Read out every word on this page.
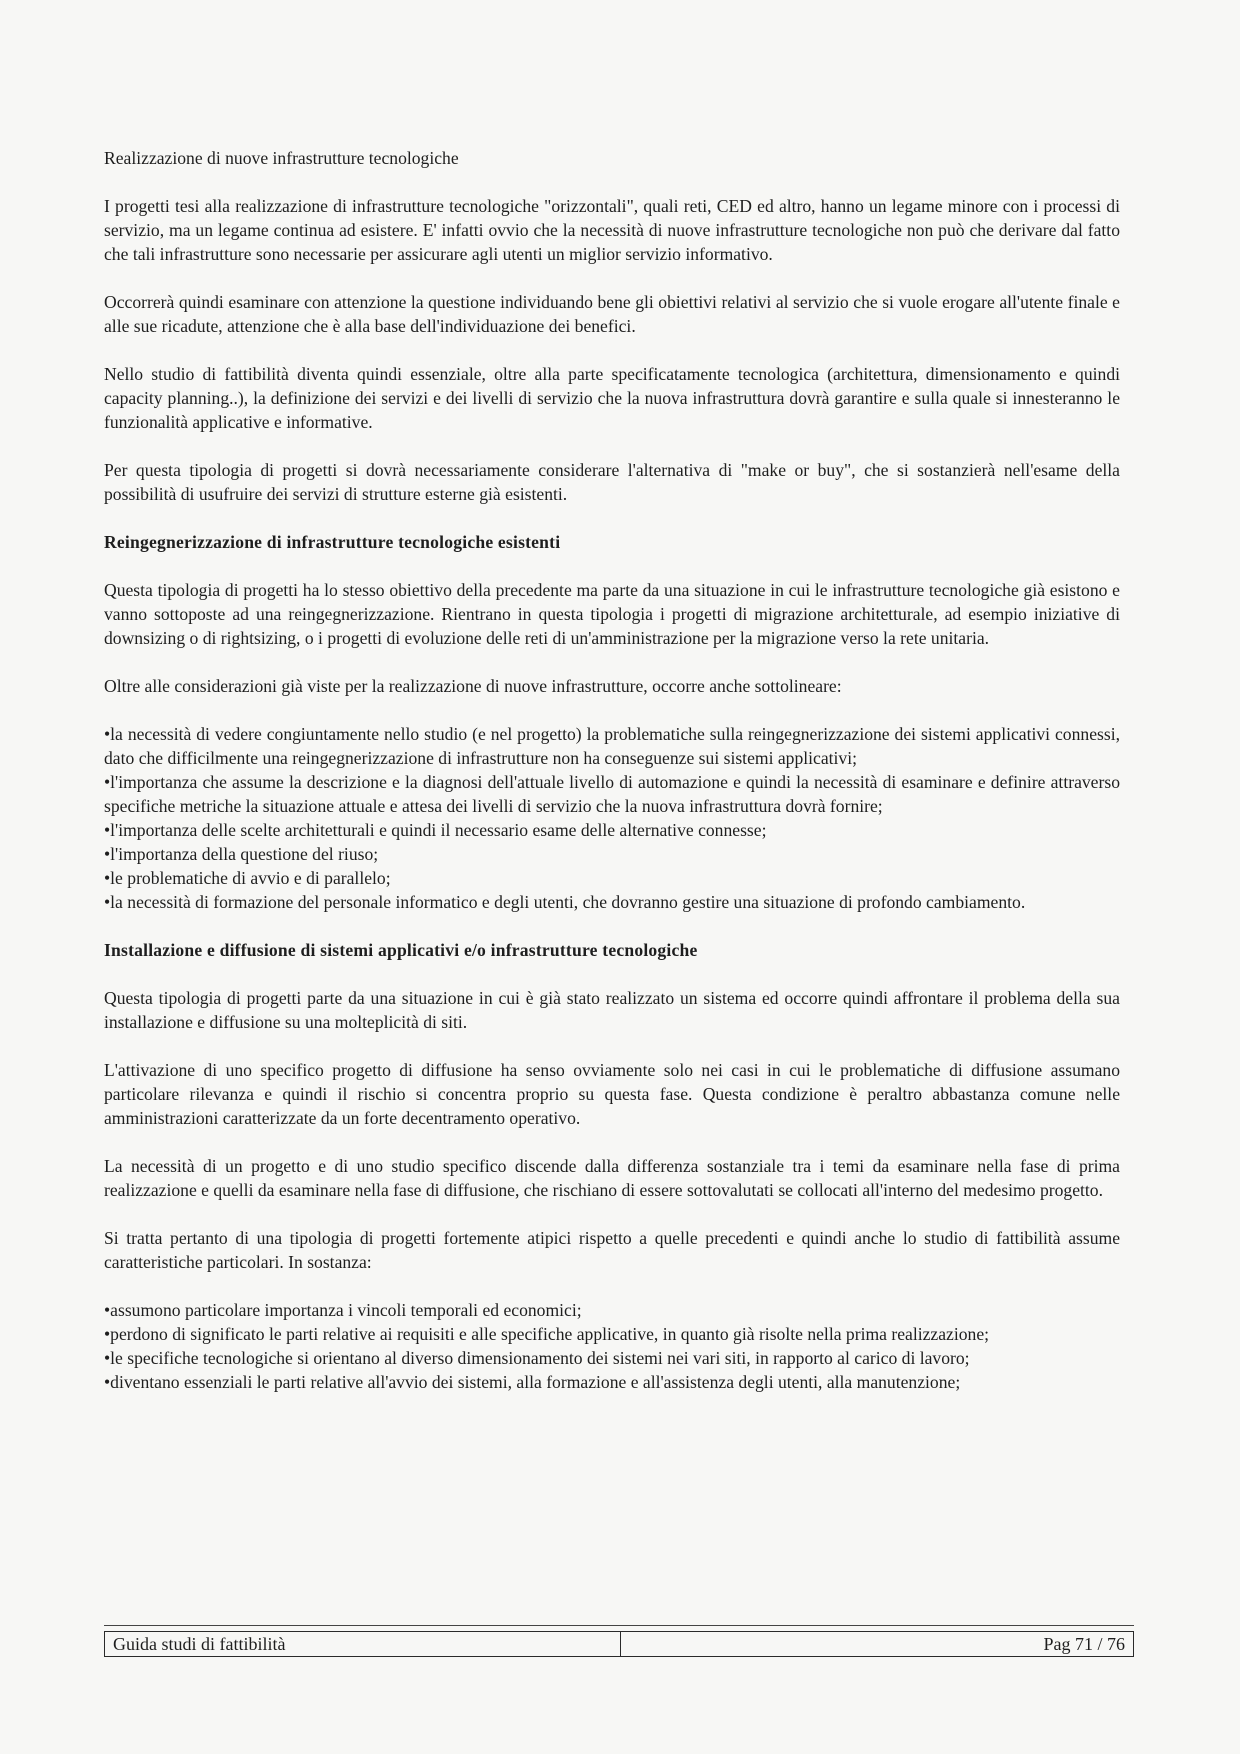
Realizzazione di nuove infrastrutture tecnologiche

I progetti tesi alla realizzazione di infrastrutture tecnologiche "orizzontali", quali reti, CED ed altro, hanno un legame minore con i processi di servizio, ma un legame continua ad esistere. E' infatti ovvio che la necessità di nuove infrastrutture tecnologiche non può che derivare dal fatto che tali infrastrutture sono necessarie per assicurare agli utenti un miglior servizio informativo.

Occorrerà quindi esaminare con attenzione la questione individuando bene gli obiettivi relativi al servizio che si vuole erogare all'utente finale e alle sue ricadute, attenzione che è alla base dell'individuazione dei benefici.

Nello studio di fattibilità diventa quindi essenziale, oltre alla parte specificatamente tecnologica (architettura, dimensionamento e quindi capacity planning..), la definizione dei servizi e dei livelli di servizio che la nuova infrastruttura dovrà garantire e sulla quale si innesteranno le funzionalità applicative e informative.

Per questa tipologia di progetti si dovrà necessariamente considerare l'alternativa di "make or buy", che si sostanzierà nell'esame della possibilità di usufruire dei servizi di strutture esterne già esistenti.

Reingegnerizzazione di infrastrutture tecnologiche esistenti

Questa tipologia di progetti ha lo stesso obiettivo della precedente ma parte da una situazione in cui le infrastrutture tecnologiche già esistono e vanno sottoposte ad una reingegnerizzazione. Rientrano in questa tipologia i progetti di migrazione architetturale, ad esempio iniziative di downsizing o di rightsizing, o i progetti di evoluzione delle reti di un'amministrazione per la migrazione verso la rete unitaria.

Oltre alle considerazioni già viste per la realizzazione di nuove infrastrutture, occorre anche sottolineare:

• la necessità di vedere congiuntamente nello studio (e nel progetto) la problematiche sulla reingegnerizzazione dei sistemi applicativi connessi, dato che difficilmente una reingegnerizzazione di infrastrutture non ha conseguenze sui sistemi applicativi;
• l'importanza che assume la descrizione e la diagnosi dell'attuale livello di automazione e quindi la necessità di esaminare e definire attraverso specifiche metriche la situazione attuale e attesa dei livelli di servizio che la nuova infrastruttura dovrà fornire;
• l'importanza delle scelte architetturali e quindi il necessario esame delle alternative connesse;
• l'importanza della questione del riuso;
• le problematiche di avvio e di parallelo;
• la necessità di formazione del personale informatico e degli utenti, che dovranno gestire una situazione di profondo cambiamento.
Installazione e diffusione di sistemi applicativi e/o infrastrutture tecnologiche

Questa tipologia di progetti parte da una situazione in cui è già stato realizzato un sistema ed occorre quindi affrontare il problema della sua installazione e diffusione su una molteplicità di siti.

L'attivazione di uno specifico progetto di diffusione ha senso ovviamente solo nei casi in cui le problematiche di diffusione assumano particolare rilevanza e quindi il rischio si concentra proprio su questa fase. Questa condizione è peraltro abbastanza comune nelle amministrazioni caratterizzate da un forte decentramento operativo.

La necessità di un progetto e di uno studio specifico discende dalla differenza sostanziale tra i temi da esaminare nella fase di prima realizzazione e quelli da esaminare nella fase di diffusione, che rischiano di essere sottovalutati se collocati all'interno del medesimo progetto.

Si tratta pertanto di una tipologia di progetti fortemente atipici rispetto a quelle precedenti e quindi anche lo studio di fattibilità assume caratteristiche particolari. In sostanza:

• assumono particolare importanza i vincoli temporali ed economici;
• perdono di significato le parti relative ai requisiti e alle specifiche applicative, in quanto già risolte nella prima realizzazione;
• le specifiche tecnologiche si orientano al diverso dimensionamento dei sistemi nei vari siti, in rapporto al carico di lavoro;
• diventano essenziali le parti relative all'avvio dei sistemi, alla formazione e all'assistenza degli utenti, alla manutenzione;
Guida studi di fattibilità	Pag 71 / 76
